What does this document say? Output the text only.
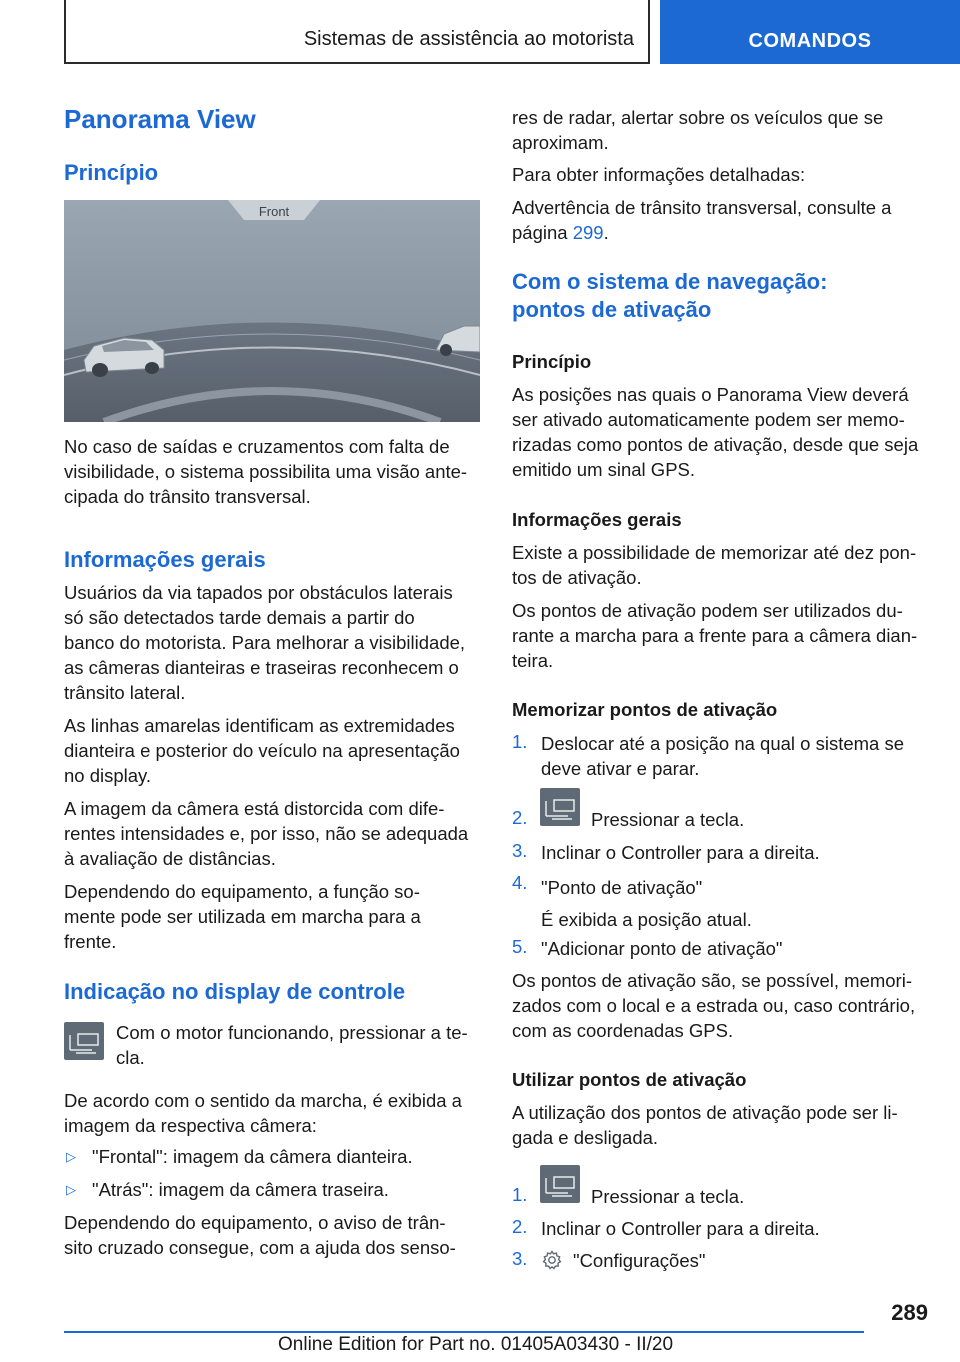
Sistemas de assistência ao motorista	COMANDOS
Panorama View
Princípio
Front
No caso de saídas e cruzamentos com falta de
visibilidade, o sistema possibilita uma visão ante‐
cipada do trânsito transversal.
Informações gerais
Usuários da via tapados por obstáculos laterais
só são detectados tarde demais a partir do
banco do motorista. Para melhorar a visibilidade,
as câmeras dianteiras e traseiras reconhecem o
trânsito lateral.
As linhas amarelas identificam as extremidades
dianteira e posterior do veículo na apresentação
no display.
A imagem da câmera está distorcida com dife‐
rentes intensidades e, por isso, não se adequada
à avaliação de distâncias.
Dependendo do equipamento, a função so‐
mente pode ser utilizada em marcha para a
frente.
Indicação no display de controle
Com o motor funcionando, pressionar a te‐
cla.
De acordo com o sentido da marcha, é exibida a
imagem da respectiva câmera:
▷ "Frontal": imagem da câmera dianteira.
▷ "Atrás": imagem da câmera traseira.
Dependendo do equipamento, o aviso de trân‐
sito cruzado consegue, com a ajuda dos senso‐
res de radar, alertar sobre os veículos que se
aproximam.
Para obter informações detalhadas:
Advertência de trânsito transversal, consulte a
página 299.
Com o sistema de navegação:
pontos de ativação
Princípio
As posições nas quais o Panorama View deverá
ser ativado automaticamente podem ser memo‐
rizadas como pontos de ativação, desde que seja
emitido um sinal GPS.
Informações gerais
Existe a possibilidade de memorizar até dez pon‐
tos de ativação.
Os pontos de ativação podem ser utilizados du‐
rante a marcha para a frente para a câmera dian‐
teira.
Memorizar pontos de ativação
1. Deslocar até a posição na qual o sistema se
deve ativar e parar.
2.	Pressionar a tecla.
3. Inclinar o Controller para a direita.
4. "Ponto de ativação"
É exibida a posição atual.
5. "Adicionar ponto de ativação"
Os pontos de ativação são, se possível, memori‐
zados com o local e a estrada ou, caso contrário,
com as coordenadas GPS.
Utilizar pontos de ativação
A utilização dos pontos de ativação pode ser li‐
gada e desligada.
1.	Pressionar a tecla.
2. Inclinar o Controller para a direita.
3. "Configurações"
289
Online Edition for Part no. 01405A03430 - II/20
